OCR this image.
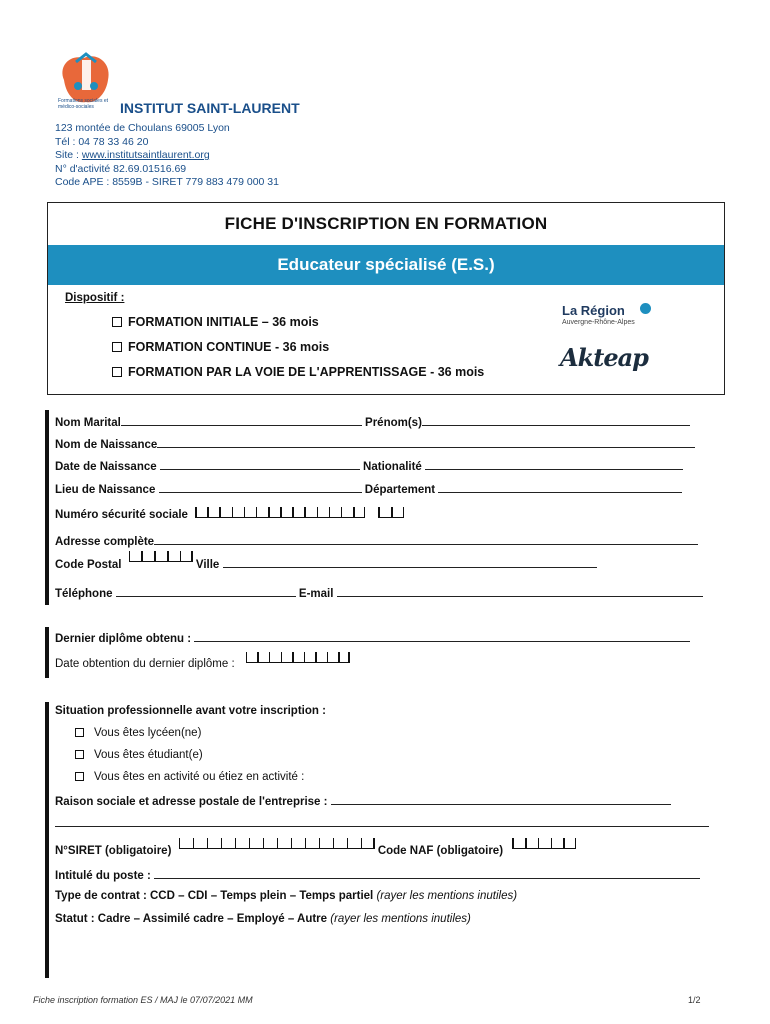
Formations sociales et médico-sociales	INSTITUT SAINT-LAURENT
123 montée de Choulans 69005 Lyon
Tél : 04 78 33 46 20
Site : www.institutsaintlaurent.org
N° d'activité 82.69.01516.69
Code APE : 8559B - SIRET 779 883 479 000 31
FICHE D'INSCRIPTION EN FORMATION
Educateur spécialisé (E.S.)
Dispositif :
FORMATION INITIALE – 36 mois
FORMATION CONTINUE - 36 mois
FORMATION PAR LA VOIE DE L'APPRENTISSAGE - 36 mois
La Région
Auvergne-Rhône-Alpes
Akteap
Nom Marital	Prénom(s)
Nom de Naissance
Date de Naissance	Nationalité
Lieu de Naissance	Département
Numéro sécurité sociale

Adresse complète
Code Postal	Ville
Téléphone	E-mail
Dernier diplôme obtenu :
Date obtention du dernier diplôme :
Situation professionnelle avant votre inscription :
Vous êtes lycéen(ne)
Vous êtes étudiant(e)
Vous êtes en activité ou étiez en activité :
Raison sociale et adresse postale de l'entreprise :
N°SIRET (obligatoire)	Code NAF (obligatoire)
Intitulé du poste :
Type de contrat : CCD – CDI – Temps plein – Temps partiel (rayer les mentions inutiles)
Statut : Cadre – Assimilé cadre – Employé – Autre (rayer les mentions inutiles)
Fiche inscription formation ES / MAJ le 07/07/2021 MM	1/2
